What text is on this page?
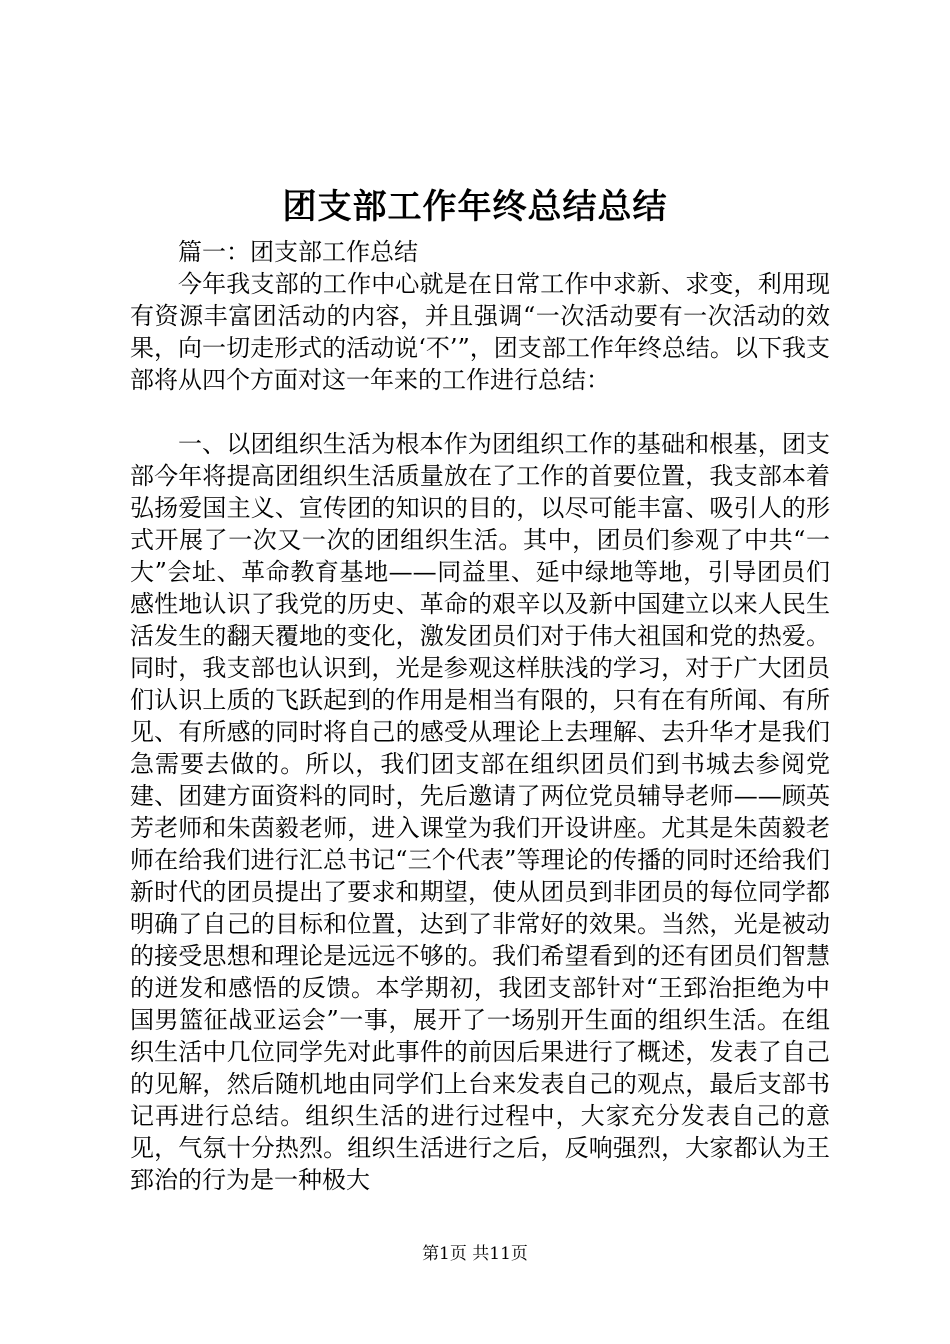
团支部工作年终总结总结

篇一：团支部工作总结

今年我支部的工作中心就是在日常工作中求新、求变，利用现有资源丰富团活动的内容，并且强调“一次活动要有一次活动的效果，向一切走形式的活动说‘不’”，团支部工作年终总结。以下我支部将从四个方面对这一年来的工作进行总结：

一、以团组织生活为根本作为团组织工作的基础和根基，团支部今年将提高团组织生活质量放在了工作的首要位置，我支部本着弘扬爱国主义、宣传团的知识的目的，以尽可能丰富、吸引人的形式开展了一次又一次的团组织生活。其中，团员们参观了中共“一大”会址、革命教育基地——同益里、延中绿地等地，引导团员们感性地认识了我党的历史、革命的艰辛以及新中国建立以来人民生活发生的翻天覆地的变化，激发团员们对于伟大祖国和党的热爱。同时，我支部也认识到，光是参观这样肤浅的学习，对于广大团员们认识上质的飞跃起到的作用是相当有限的，只有在有所闻、有所见、有所感的同时将自己的感受从理论上去理解、去升华才是我们急需要去做的。所以，我们团支部在组织团员们到书城去参阅党建、团建方面资料的同时，先后邀请了两位党员辅导老师——顾英芳老师和朱茵毅老师，进入课堂为我们开设讲座。尤其是朱茵毅老师在给我们进行汇总书记“三个代表”等理论的传播的同时还给我们新时代的团员提出了要求和期望，使从团员到非团员的每位同学都明确了自己的目标和位置，达到了非常好的效果。当然，光是被动的接受思想和理论是远远不够的。我们希望看到的还有团员们智慧的迸发和感悟的反馈。本学期初，我团支部针对“王郅治拒绝为中国男篮征战亚运会”一事，展开了一场别开生面的组织生活。在组织生活中几位同学先对此事件的前因后果进行了概述，发表了自己的见解，然后随机地由同学们上台来发表自己的观点，最后支部书记再进行总结。组织生活的进行过程中，大家充分发表自己的意见，气氛十分热烈。组织生活进行之后，反响强烈，大家都认为王郅治的行为是一种极大

第1页 共11页
